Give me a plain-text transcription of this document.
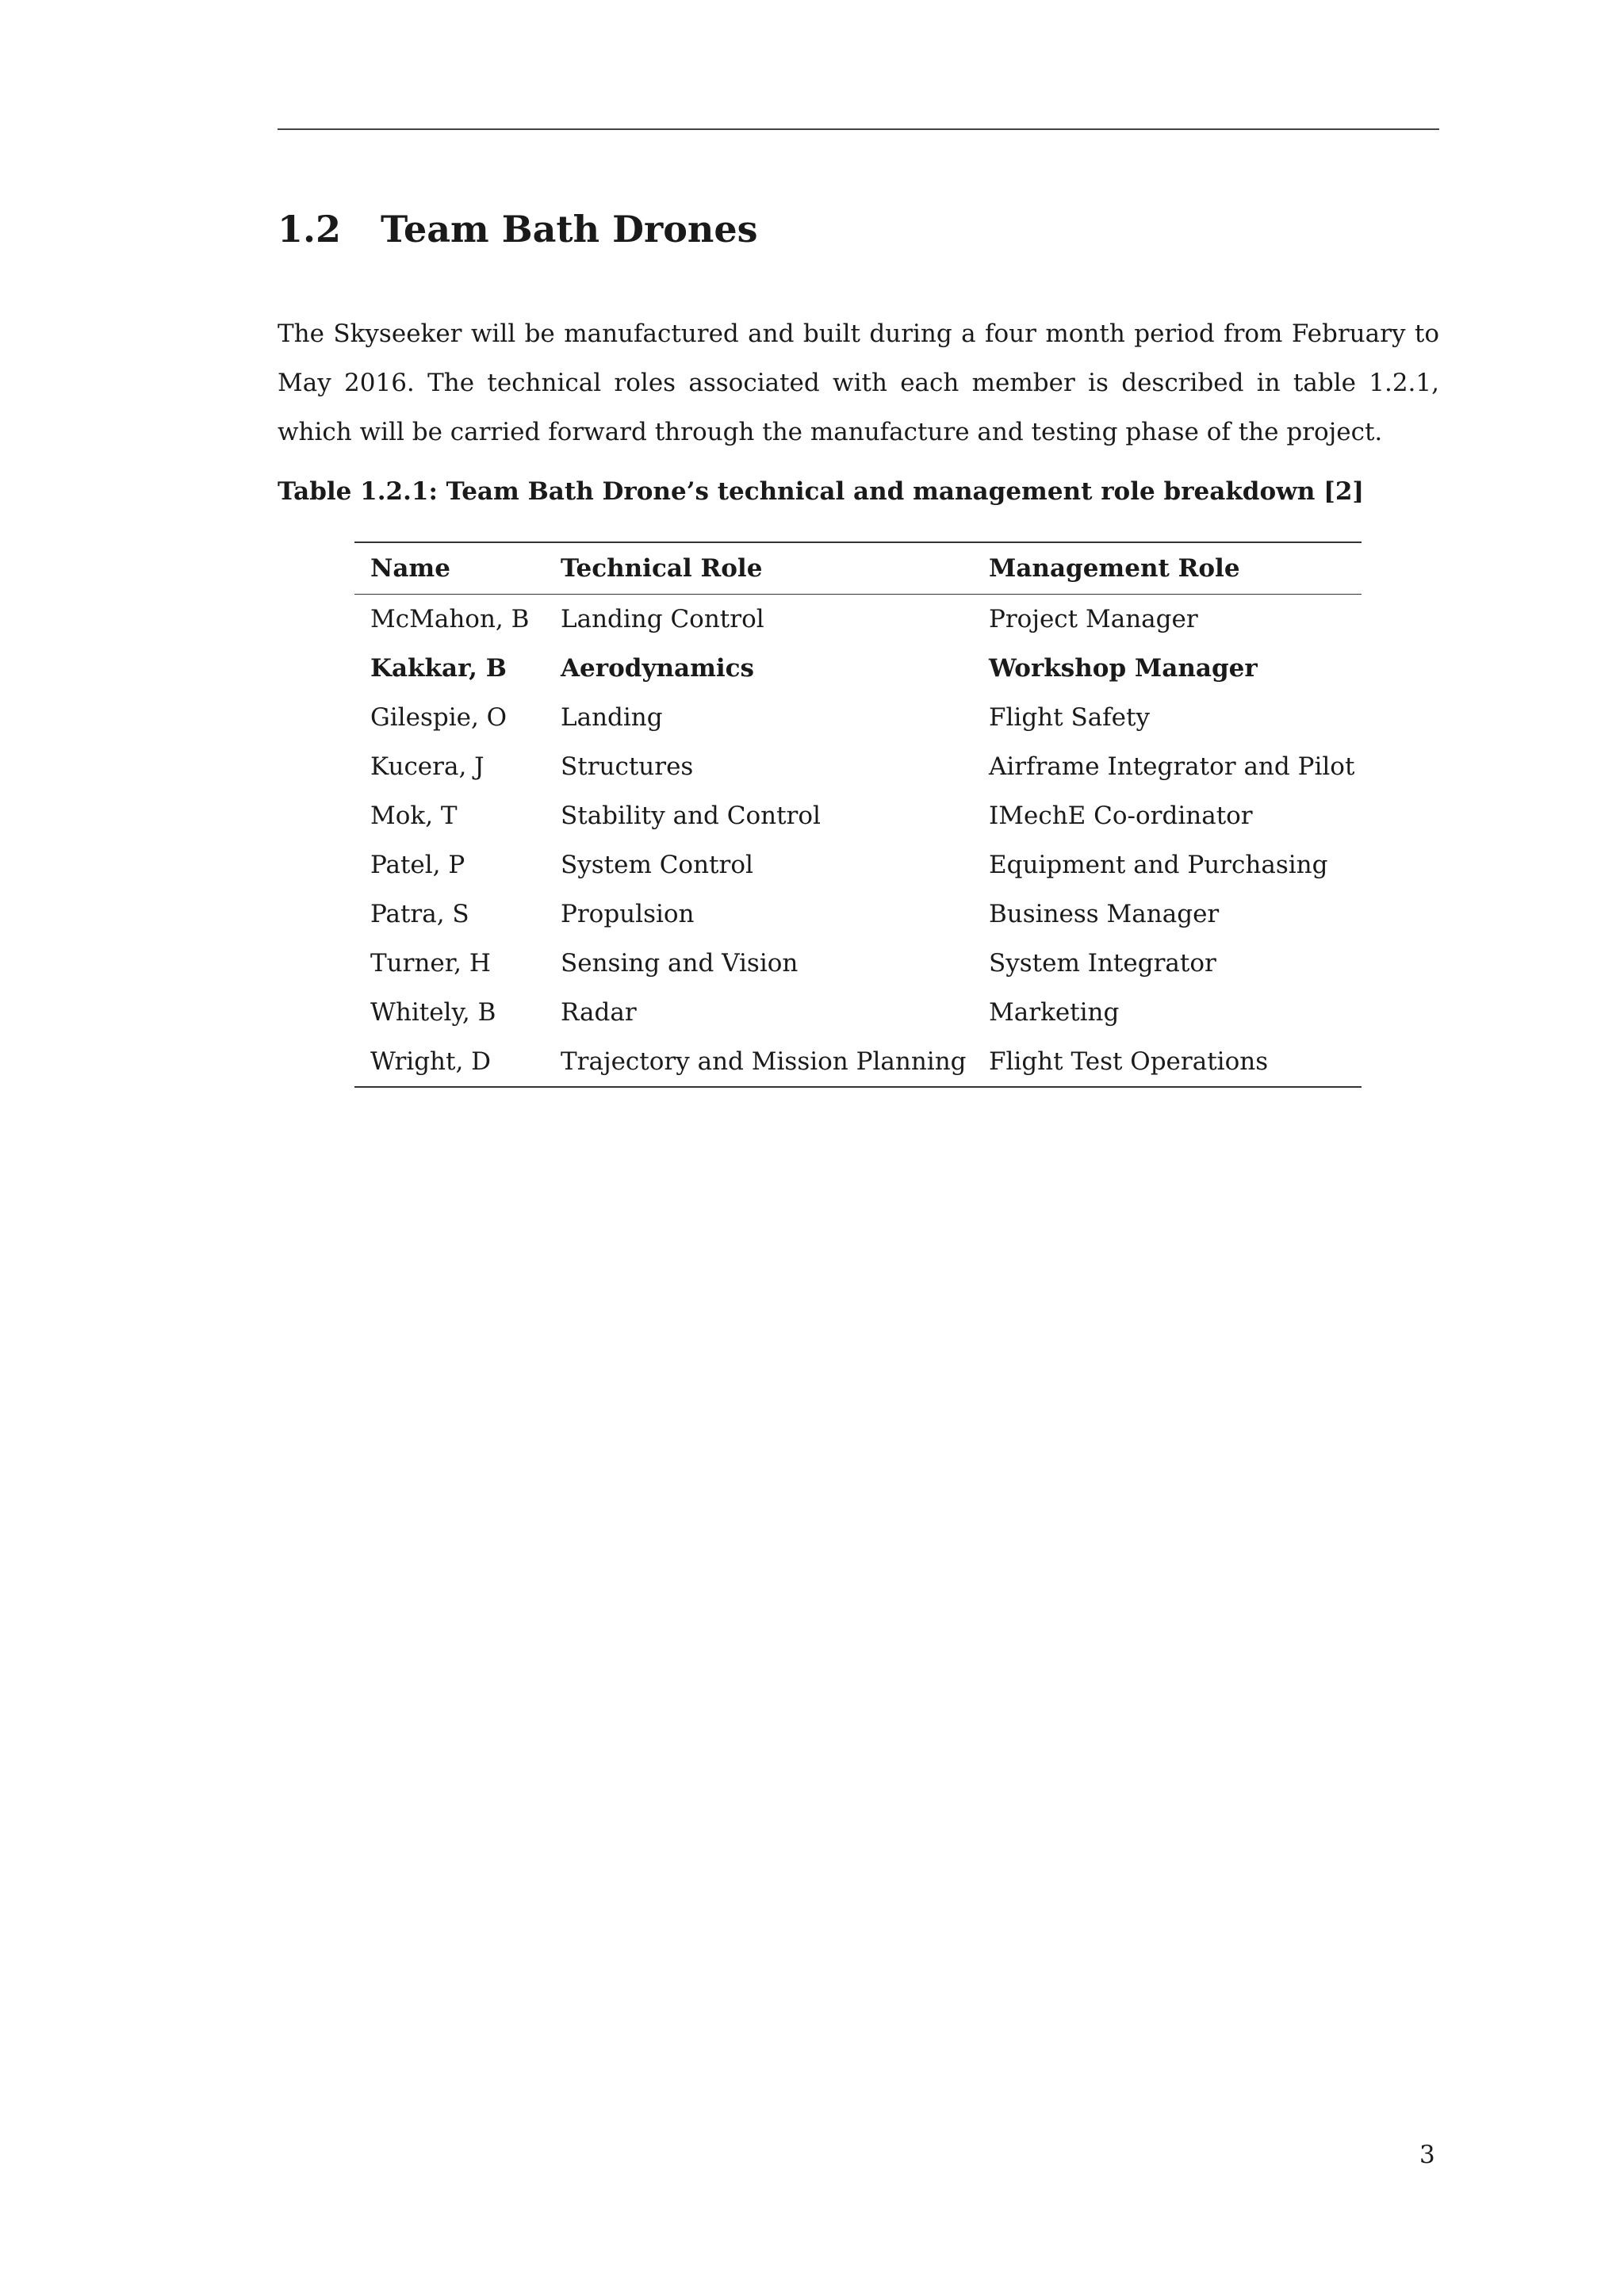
1.2 Team Bath Drones

The Skyseeker will be manufactured and built during a four month period from February to May 2016. The technical roles associated with each member is described in table 1.2.1, which will be carried forward through the manufacture and testing phase of the project.

Table 1.2.1: Team Bath Drone’s technical and management role breakdown [2]

Name	Technical Role	Management Role
McMahon, B	Landing Control	Project Manager
Kakkar, B	Aerodynamics	Workshop Manager
Gilespie, O	Landing	Flight Safety
Kucera, J	Structures	Airframe Integrator and Pilot
Mok, T	Stability and Control	IMechE Co-ordinator
Patel, P	System Control	Equipment and Purchasing
Patra, S	Propulsion	Business Manager
Turner, H	Sensing and Vision	System Integrator
Whitely, B	Radar	Marketing
Wright, D	Trajectory and Mission Planning	Flight Test Operations

3
